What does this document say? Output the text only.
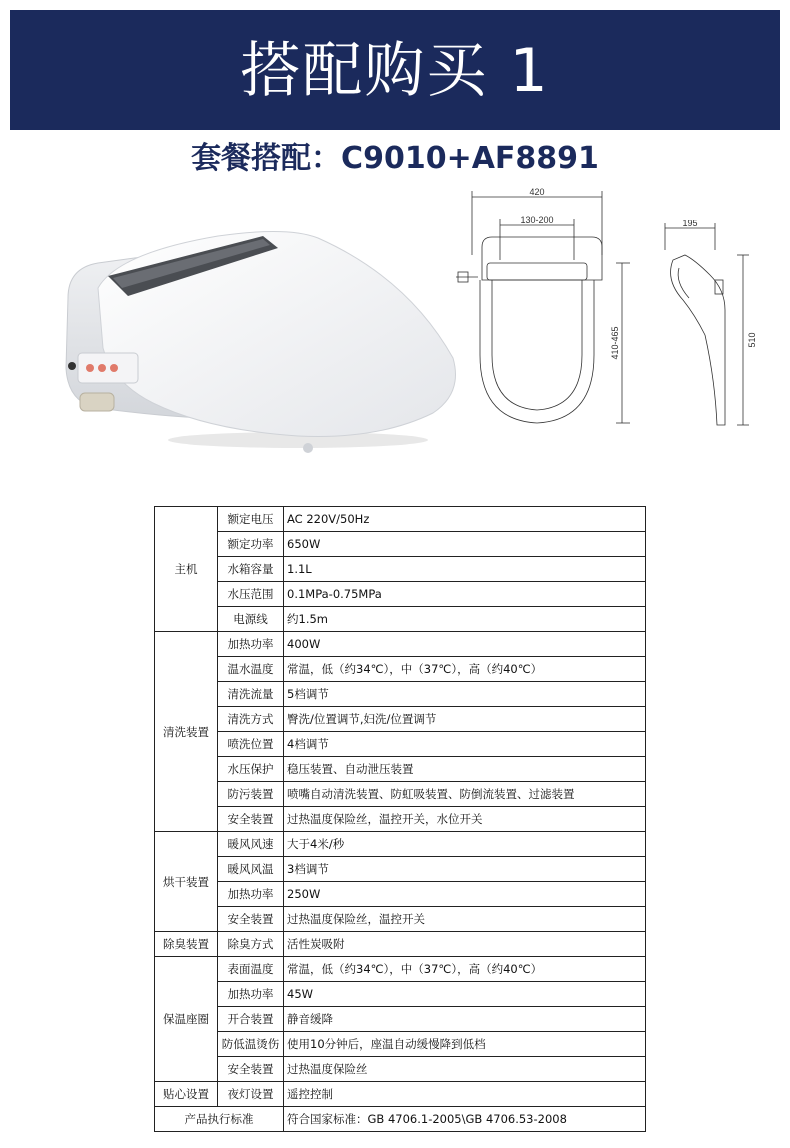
搭配购买 1
套餐搭配：C9010+AF8891
420
130-200
410-465
195
510
主机	额定电压	AC 220V/50Hz
	额定功率	650W
	水箱容量	1.1L
	水压范围	0.1MPa-0.75MPa
	电源线	约1.5m
清洗装置	加热功率	400W
	温水温度	常温，低（约34℃），中（37℃），高（约40℃）
	清洗流量	5档调节
	清洗方式	臀洗/位置调节,妇洗/位置调节
	喷洗位置	4档调节
	水压保护	稳压装置、自动泄压装置
	防污装置	喷嘴自动清洗装置、防虹吸装置、防倒流装置、过滤装置
	安全装置	过热温度保险丝，温控开关，水位开关
烘干装置	暖风风速	大于4米/秒
	暖风风温	3档调节
	加热功率	250W
	安全装置	过热温度保险丝，温控开关
除臭装置	除臭方式	活性炭吸附
保温座圈	表面温度	常温，低（约34℃），中（37℃），高（约40℃）
	加热功率	45W
	开合装置	静音缓降
	防低温烫伤	使用10分钟后，座温自动缓慢降到低档
	安全装置	过热温度保险丝
贴心设置	夜灯设置	遥控控制
产品执行标准		符合国家标准：GB 4706.1-2005\GB 4706.53-2008
